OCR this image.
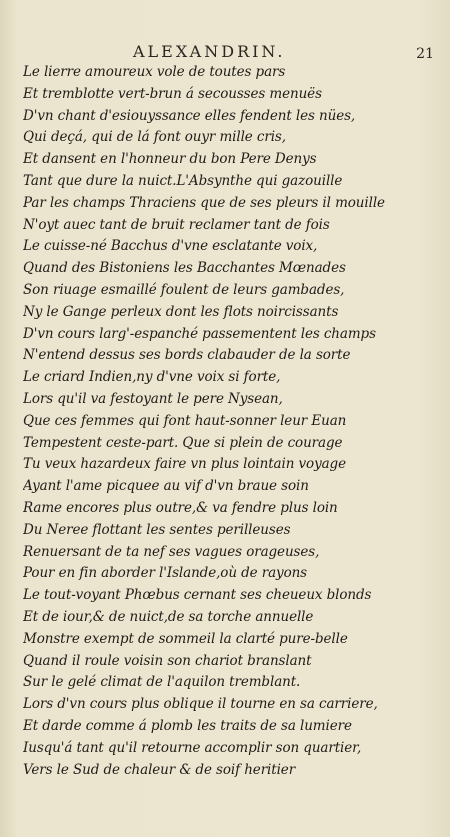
ALEXANDRIN.	21
Le lierre amoureux vole de toutes pars
Et tremblotte vert-brun á secousses menuës
D'vn chant d'esiouyssance elles fendent les nües,
Qui deçá, qui de lá font ouyr mille cris,
Et dansent en l'honneur du bon Pere Denys
Tant que dure la nuict.L'Absynthe qui gazouille
Par les champs Thraciens que de ses pleurs il mouille
N'oyt auec tant de bruit reclamer tant de fois
Le cuisse-né Bacchus d'vne esclatante voix,
Quand des Bistoniens les Bacchantes Mœnades
Son riuage esmaillé foulent de leurs gambades,
Ny le Gange perleux dont les flots noircissants
D'vn cours larg'-espanché passementent les champs
N'entend dessus ses bords clabauder de la sorte
Le criard Indien,ny d'vne voix si forte,
Lors qu'il va festoyant le pere Nysean,
Que ces femmes qui font haut-sonner leur Euan
Tempestent ceste-part. Que si plein de courage
Tu veux hazardeux faire vn plus lointain voyage
Ayant l'ame picquee au vif d'vn braue soin
Rame encores plus outre,& va fendre plus loin
Du Neree flottant les sentes perilleuses
Renuersant de ta nef ses vagues orageuses,
Pour en fin aborder l'Islande,où de rayons
Le tout-voyant Phœbus cernant ses cheueux blonds
Et de iour,& de nuict,de sa torche annuelle
Monstre exempt de sommeil la clarté pure-belle
Quand il roule voisin son chariot branslant
Sur le gelé climat de l'aquilon tremblant.
Lors d'vn cours plus oblique il tourne en sa carriere,
Et darde comme á plomb les traits de sa lumiere
Iusqu'á tant qu'il retourne accomplir son quartier,
Vers le Sud de chaleur & de soif heritier
